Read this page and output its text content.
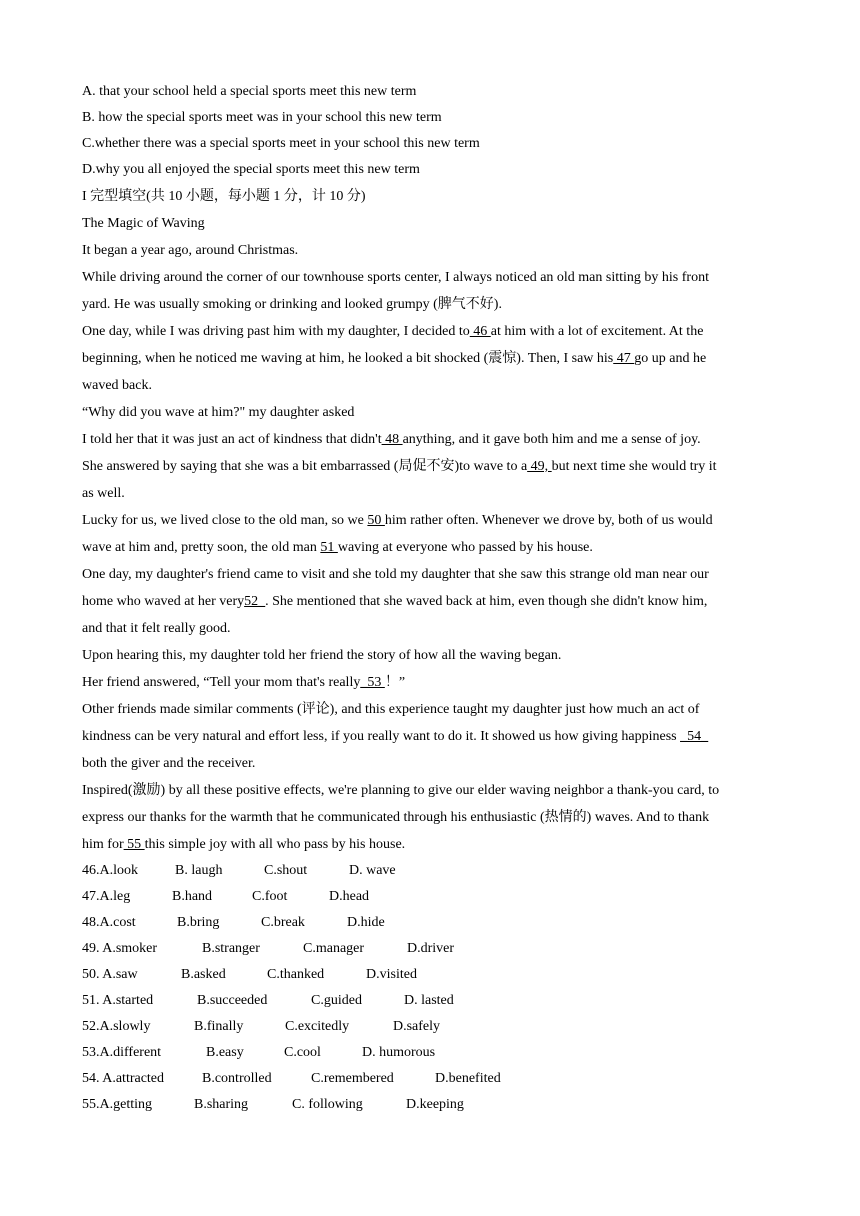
A. that your school held a special sports meet this new term
B. how the special sports meet was in your school this new term
C.whether there was a special sports meet in your school this new term
D.why you all enjoyed the special sports meet this new term
I 完型填空(共 10 小题，每小题 1 分，计 10 分)
The Magic of Waving
It began a year ago, around Christmas.
While driving around the corner of our townhouse sports center, I always noticed an old man sitting by his front
yard. He was usually smoking or drinking and looked grumpy (脾气不好).
One day, while I was driving past him with my daughter, I decided to 46 at him with a lot of excitement. At the
beginning, when he noticed me waving at him, he looked a bit shocked (震惊). Then, I saw his 47 go up and he
waved back.
“Why did you wave at him?" my daughter asked
I told her that it was just an act of kindness that didn't 48 anything, and it gave both him and me a sense of joy.
She answered by saying that she was a bit embarrassed (局促不安)to wave to a 49, but next time she would try it
as well.
Lucky for us, we lived close to the old man, so we 50 him rather often. Whenever we drove by, both of us would
wave at him and, pretty soon, the old man 51 waving at everyone who passed by his house.
One day, my daughter's friend came to visit and she told my daughter that she saw this strange old man near our
home who waved at her very52_. She mentioned that she waved back at him, even though she didn't know him,
and that it felt really good.
Upon hearing this, my daughter told her friend the story of how all the waving began.
Her friend answered, “Tell your mom that's really_53 ！”
Other friends made similar comments (评论), and this experience taught my daughter just how much an act of
kindness can be very natural and effort less, if you really want to do it. It showed us how giving happiness _54_
both the giver and the receiver.
Inspired(激励) by all these positive effects, we're planning to give our elder waving neighbor a thank-you card, to
express our thanks for the warmth that he communicated through his enthusiastic (热情的) waves. And to thank
him for 55 this simple joy with all who pass by his house.
46.A.look	B. laugh	C.shout	D. wave
47.A.leg	B.hand	C.foot	D.head
48.A.cost	B.bring	C.break	D.hide
49. A.smoker	B.stranger	C.manager	D.driver
50. A.saw	B.asked	C.thanked	D.visited
51. A.started	B.succeeded	C.guided	D. lasted
52.A.slowly	B.finally	C.excitedly	D.safely
53.A.different	B.easy	C.cool	D. humorous
54. A.attracted	B.controlled	C.remembered	D.benefited
55.A.getting	B.sharing	C. following	D.keeping
